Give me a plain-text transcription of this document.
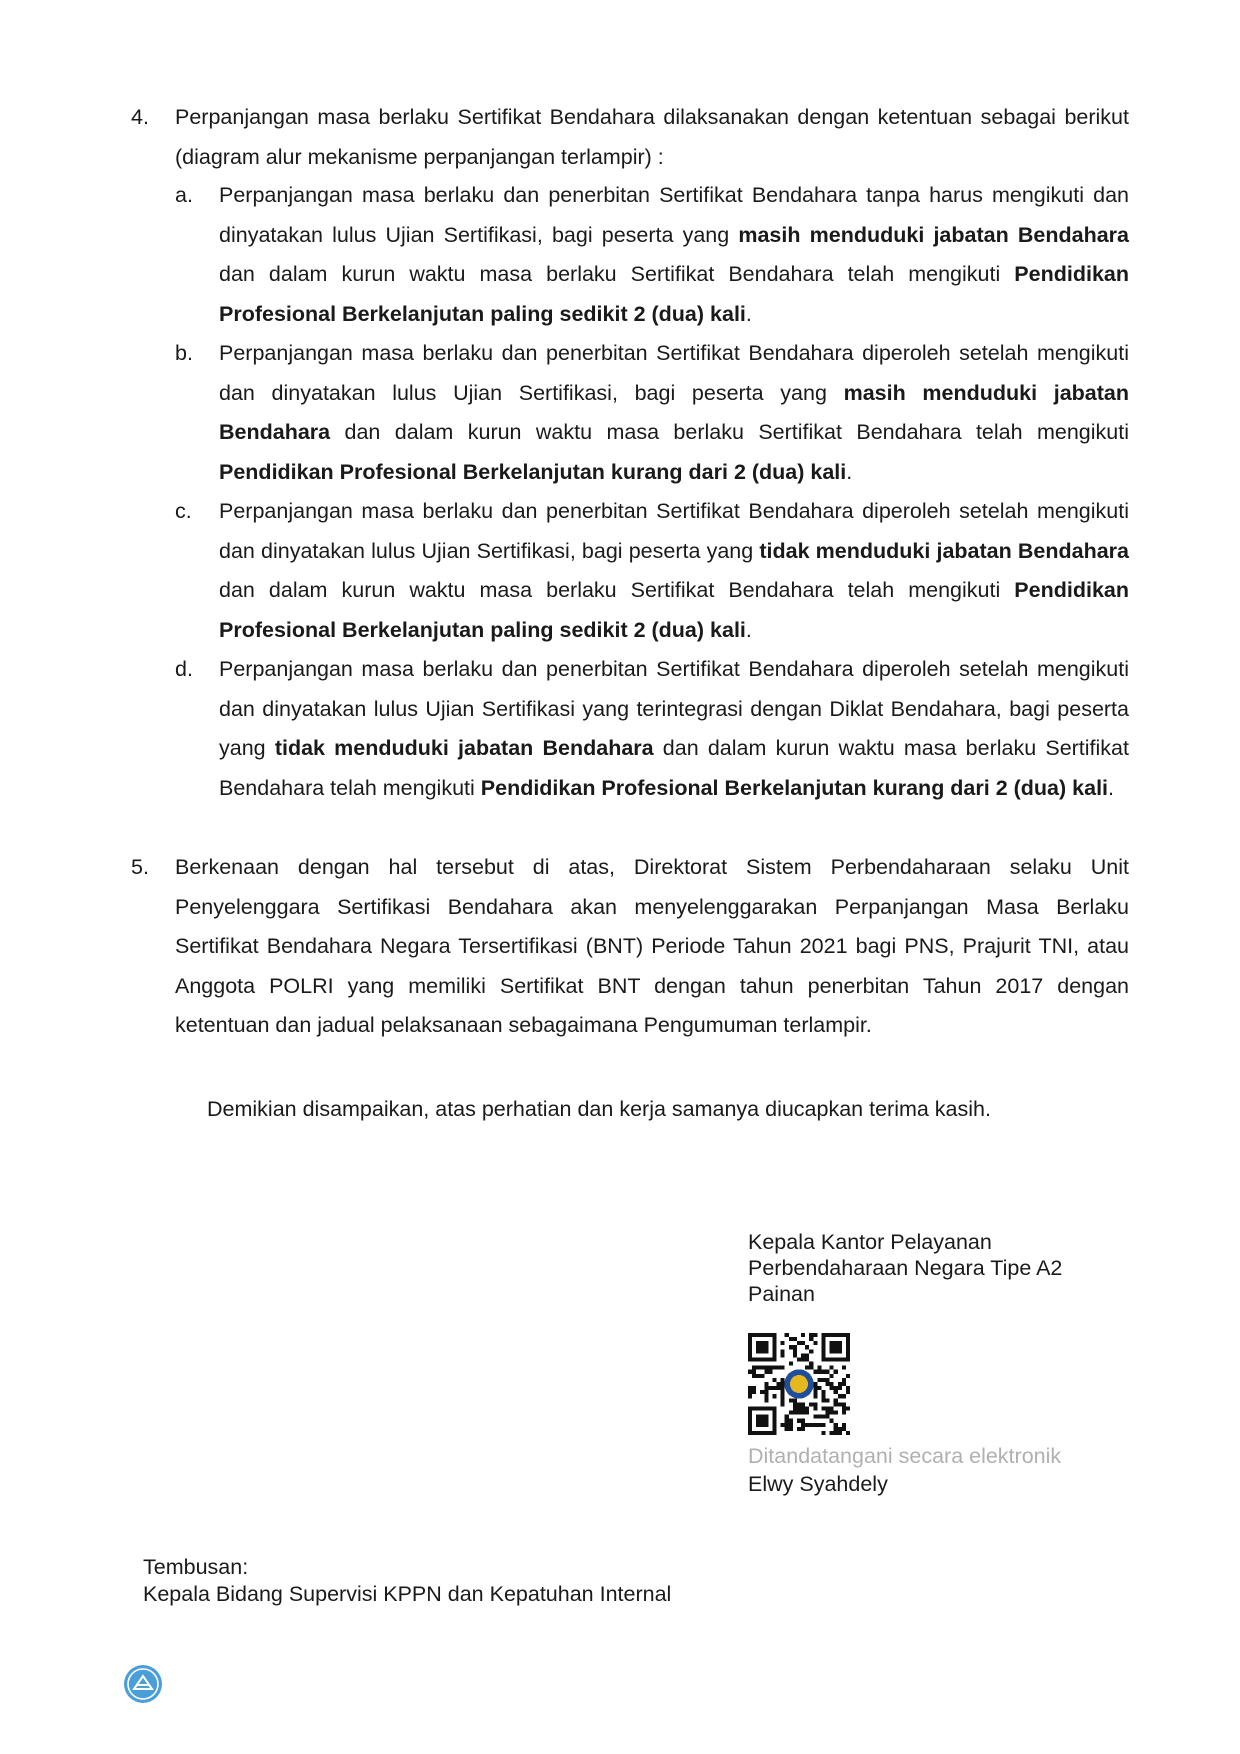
4. Perpanjangan masa berlaku Sertifikat Bendahara dilaksanakan dengan ketentuan sebagai berikut (diagram alur mekanisme perpanjangan terlampir) :

a. Perpanjangan masa berlaku dan penerbitan Sertifikat Bendahara tanpa harus mengikuti dan dinyatakan lulus Ujian Sertifikasi, bagi peserta yang masih menduduki jabatan Bendahara dan dalam kurun waktu masa berlaku Sertifikat Bendahara telah mengikuti Pendidikan Profesional Berkelanjutan paling sedikit 2 (dua) kali.

b. Perpanjangan masa berlaku dan penerbitan Sertifikat Bendahara diperoleh setelah mengikuti dan dinyatakan lulus Ujian Sertifikasi, bagi peserta yang masih menduduki jabatan Bendahara dan dalam kurun waktu masa berlaku Sertifikat Bendahara telah mengikuti Pendidikan Profesional Berkelanjutan kurang dari 2 (dua) kali.

c. Perpanjangan masa berlaku dan penerbitan Sertifikat Bendahara diperoleh setelah mengikuti dan dinyatakan lulus Ujian Sertifikasi, bagi peserta yang tidak menduduki jabatan Bendahara dan dalam kurun waktu masa berlaku Sertifikat Bendahara telah mengikuti Pendidikan Profesional Berkelanjutan paling sedikit 2 (dua) kali.

d. Perpanjangan masa berlaku dan penerbitan Sertifikat Bendahara diperoleh setelah mengikuti dan dinyatakan lulus Ujian Sertifikasi yang terintegrasi dengan Diklat Bendahara, bagi peserta yang tidak menduduki jabatan Bendahara dan dalam kurun waktu masa berlaku Sertifikat Bendahara telah mengikuti Pendidikan Profesional Berkelanjutan kurang dari 2 (dua) kali.

5. Berkenaan dengan hal tersebut di atas, Direktorat Sistem Perbendaharaan selaku Unit Penyelenggara Sertifikasi Bendahara akan menyelenggarakan Perpanjangan Masa Berlaku Sertifikat Bendahara Negara Tersertifikasi (BNT) Periode Tahun 2021 bagi PNS, Prajurit TNI, atau Anggota POLRI yang memiliki Sertifikat BNT dengan tahun penerbitan Tahun 2017 dengan ketentuan dan jadual pelaksanaan sebagaimana Pengumuman terlampir.

Demikian disampaikan, atas perhatian dan kerja samanya diucapkan terima kasih.
Kepala Kantor Pelayanan
Perbendaharaan Negara Tipe A2
Painan
Ditandatangani secara elektronik
Elwy Syahdely
Tembusan:
Kepala Bidang Supervisi KPPN dan Kepatuhan Internal
